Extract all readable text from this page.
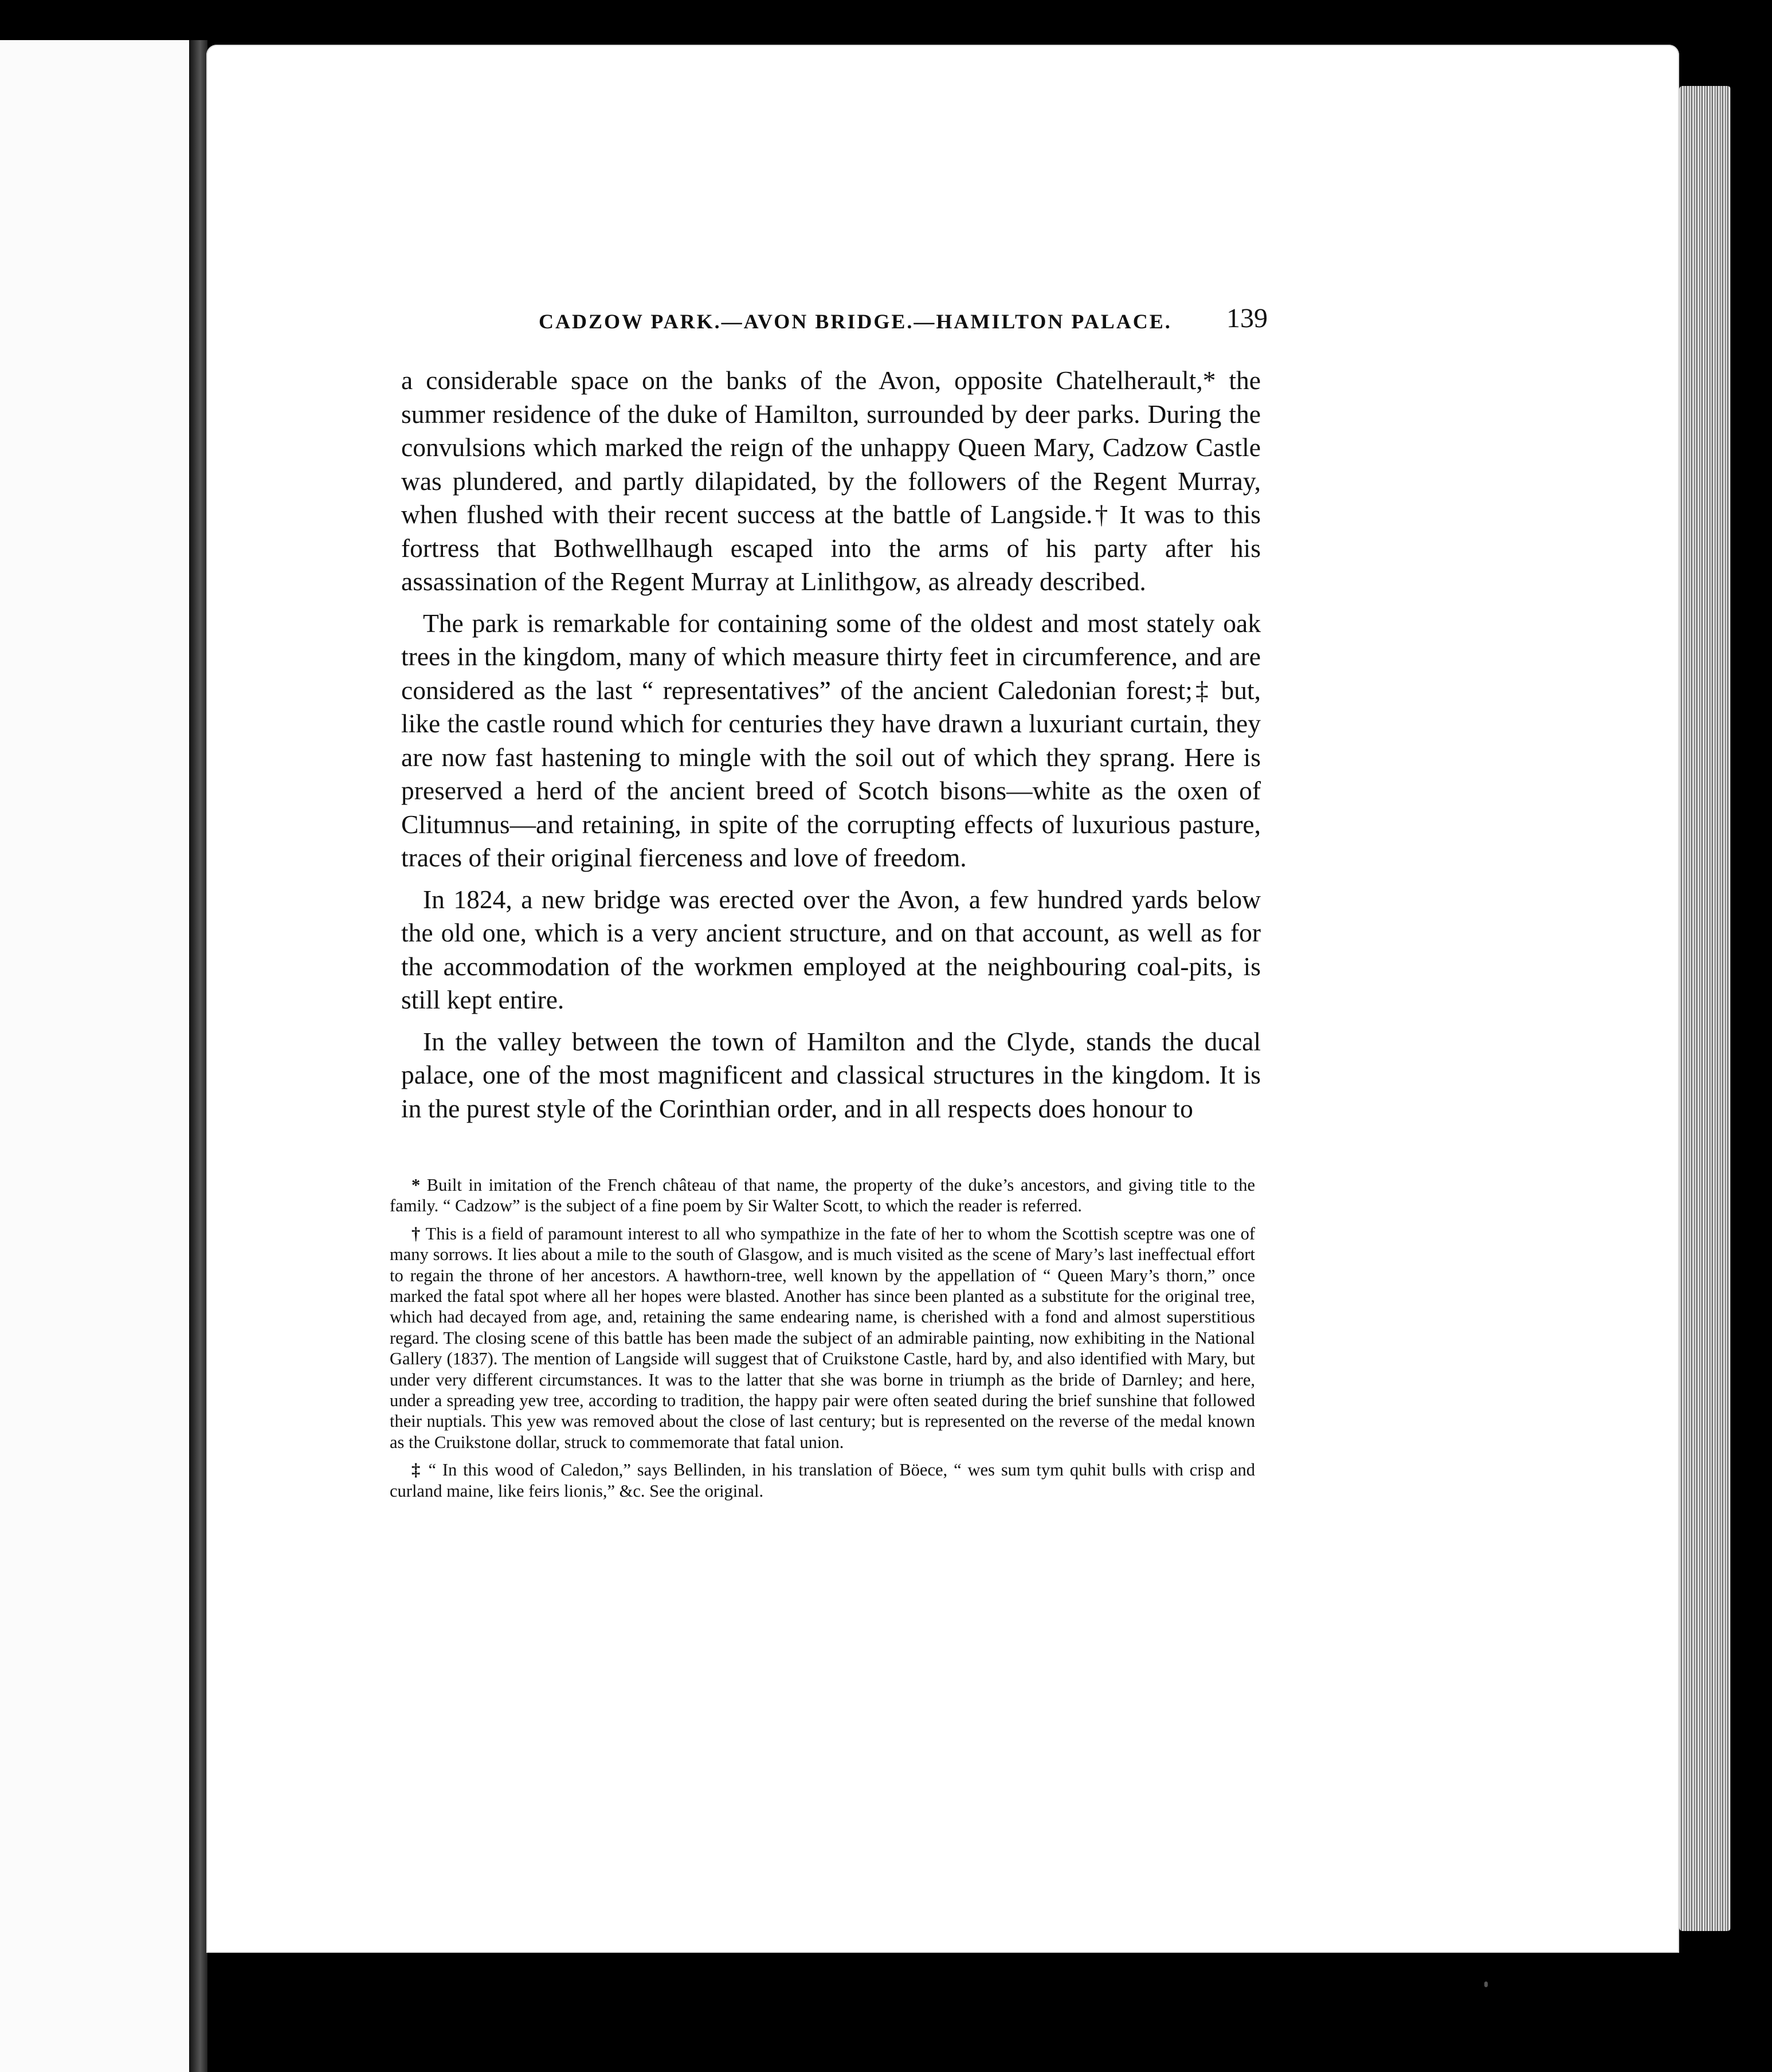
CADZOW PARK.—AVON BRIDGE.—HAMILTON PALACE.	139

a considerable space on the banks of the Avon, opposite Chatelherault,* the summer residence of the duke of Hamilton, surrounded by deer parks. During the convulsions which marked the reign of the unhappy Queen Mary, Cadzow Castle was plundered, and partly dilapidated, by the followers of the Regent Murray, when flushed with their recent success at the battle of Langside.† It was to this fortress that Bothwellhaugh escaped into the arms of his party after his assassination of the Regent Murray at Linlithgow, as already described.

The park is remarkable for containing some of the oldest and most stately oak trees in the kingdom, many of which measure thirty feet in circumference, and are considered as the last “ representatives” of the ancient Caledonian forest;‡ but, like the castle round which for centuries they have drawn a luxuriant curtain, they are now fast hastening to mingle with the soil out of which they sprang. Here is preserved a herd of the ancient breed of Scotch bisons—white as the oxen of Clitumnus—and retaining, in spite of the corrupting effects of luxurious pasture, traces of their original fierceness and love of freedom.

In 1824, a new bridge was erected over the Avon, a few hundred yards below the old one, which is a very ancient structure, and on that account, as well as for the accommodation of the workmen employed at the neighbouring coal-pits, is still kept entire.

In the valley between the town of Hamilton and the Clyde, stands the ducal palace, one of the most magnificent and classical structures in the kingdom. It is in the purest style of the Corinthian order, and in all respects does honour to

* Built in imitation of the French château of that name, the property of the duke’s ancestors, and giving title to the family. “ Cadzow” is the subject of a fine poem by Sir Walter Scott, to which the reader is referred.

† This is a field of paramount interest to all who sympathize in the fate of her to whom the Scottish sceptre was one of many sorrows. It lies about a mile to the south of Glasgow, and is much visited as the scene of Mary’s last ineffectual effort to regain the throne of her ancestors. A hawthorn-tree, well known by the appellation of “ Queen Mary’s thorn,” once marked the fatal spot where all her hopes were blasted. Another has since been planted as a substitute for the original tree, which had decayed from age, and, retaining the same endearing name, is cherished with a fond and almost superstitious regard. The closing scene of this battle has been made the subject of an admirable painting, now exhibiting in the National Gallery (1837). The mention of Langside will suggest that of Cruikstone Castle, hard by, and also identified with Mary, but under very different circumstances. It was to the latter that she was borne in triumph as the bride of Darnley; and here, under a spreading yew tree, according to tradition, the happy pair were often seated during the brief sunshine that followed their nuptials. This yew was removed about the close of last century; but is represented on the reverse of the medal known as the Cruikstone dollar, struck to commemorate that fatal union.

‡ “ In this wood of Caledon,” says Bellinden, in his translation of Böece, “ wes sum tym quhit bulls with crisp and curland maine, like feirs lionis,” &c. See the original.
